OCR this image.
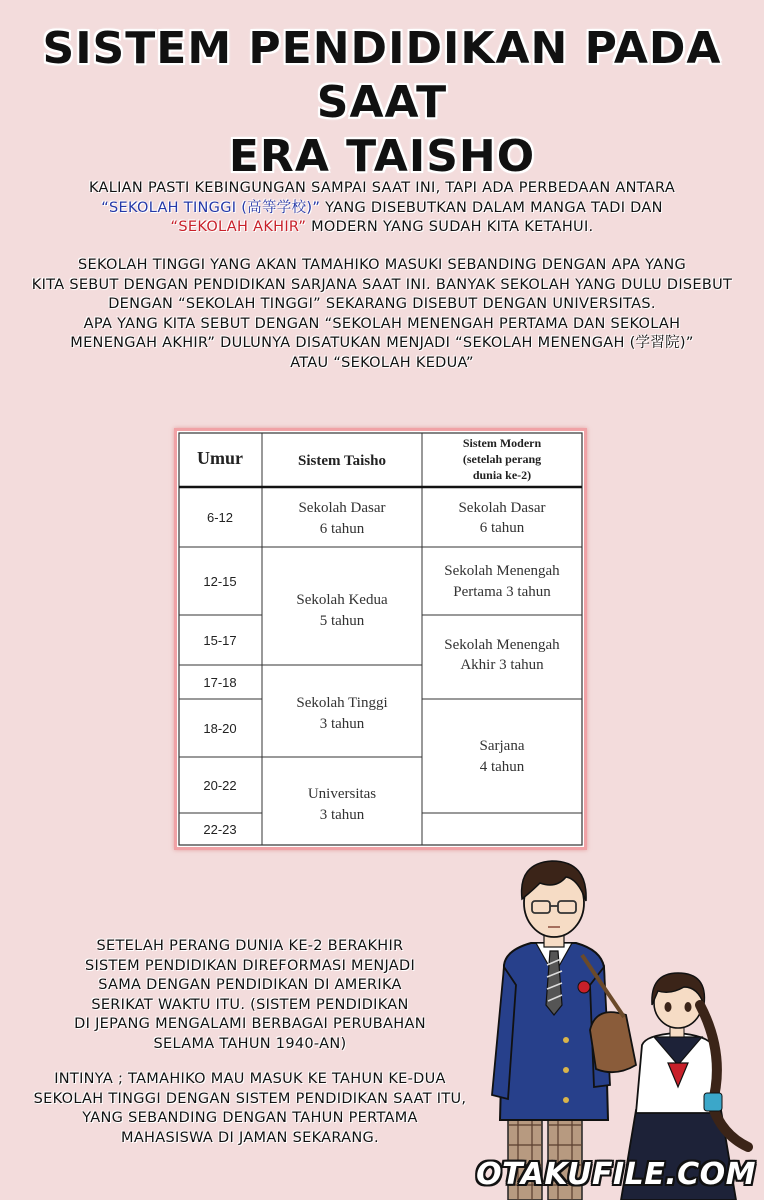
SISTEM PENDIDIKAN PADA SAAT
ERA TAISHO
KALIAN PASTI KEBINGUNGAN SAMPAI SAAT INI, TAPI ADA PERBEDAAN ANTARA
“SEKOLAH TINGGI (高等学校)” YANG DISEBUTKAN DALAM MANGA TADI DAN
“SEKOLAH AKHIR” MODERN YANG SUDAH KITA KETAHUI.
SEKOLAH TINGGI YANG AKAN TAMAHIKO MASUKI SEBANDING DENGAN APA YANG
KITA SEBUT DENGAN PENDIDIKAN SARJANA SAAT INI. BANYAK SEKOLAH YANG DULU DISEBUT
DENGAN “SEKOLAH TINGGI” SEKARANG DISEBUT DENGAN UNIVERSITAS.
APA YANG KITA SEBUT DENGAN “SEKOLAH MENENGAH PERTAMA DAN SEKOLAH
MENENGAH AKHIR” DULUNYA DISATUKAN MENJADI “SEKOLAH MENENGAH (学習院)”
ATAU “SEKOLAH KEDUA”
Umur	Sistem Taisho
Sistem Modern
(setelah perang
dunia ke-2)
6-12
12-15
15-17
17-18
18-20
20-22
22-23
Sekolah Dasar
6 tahun
Sekolah Kedua
5 tahun
Sekolah Tinggi
3 tahun
Universitas
3 tahun
Sekolah Dasar
6 tahun
Sekolah Menengah
Pertama 3 tahun
Sekolah Menengah
Akhir 3 tahun
Sarjana
4 tahun
SETELAH PERANG DUNIA KE-2 BERAKHIR
SISTEM PENDIDIKAN DIREFORMASI MENJADI
SAMA DENGAN PENDIDIKAN DI AMERIKA
SERIKAT WAKTU ITU. (SISTEM PENDIDIKAN
DI JEPANG MENGALAMI BERBAGAI PERUBAHAN
SELAMA TAHUN 1940-AN)
INTINYA ; TAMAHIKO MAU MASUK KE TAHUN KE-DUA
SEKOLAH TINGGI DENGAN SISTEM PENDIDIKAN SAAT ITU,
YANG SEBANDING DENGAN TAHUN PERTAMA
MAHASISWA DI JAMAN SEKARANG.
OTAKUFILE.COM
